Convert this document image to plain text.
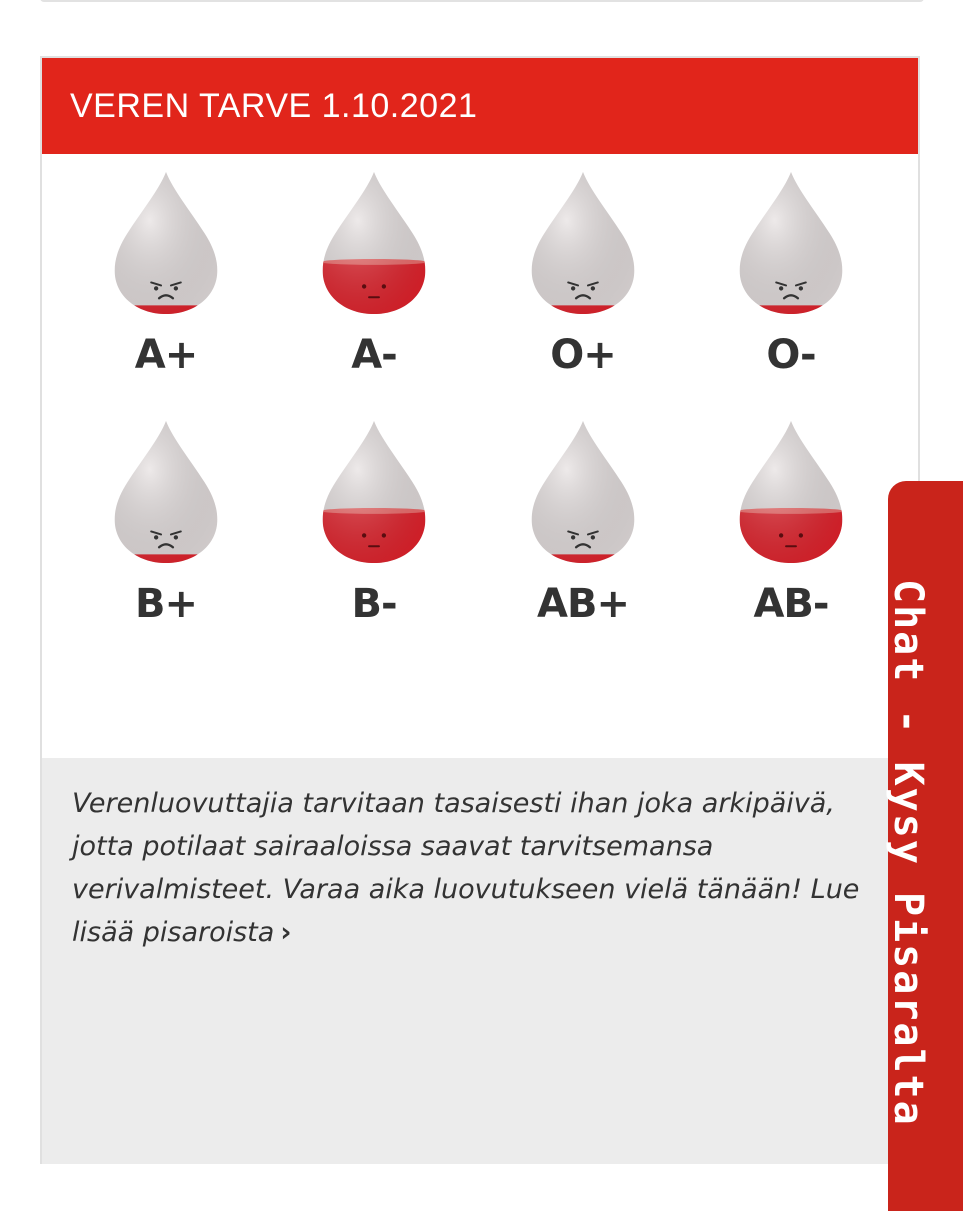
VEREN TARVE 1.10.2021
A+	A-	O+	O-
B+	B-	AB+	AB-

Verenluovuttajia tarvitaan tasaisesti ihan joka arkipäivä, jotta potilaat sairaaloissa saavat tarvitsemansa verivalmisteet. Varaa aika luovutukseen vielä tänään! Lue lisää pisaroista ›	Chat - Kysy Pisaralta
